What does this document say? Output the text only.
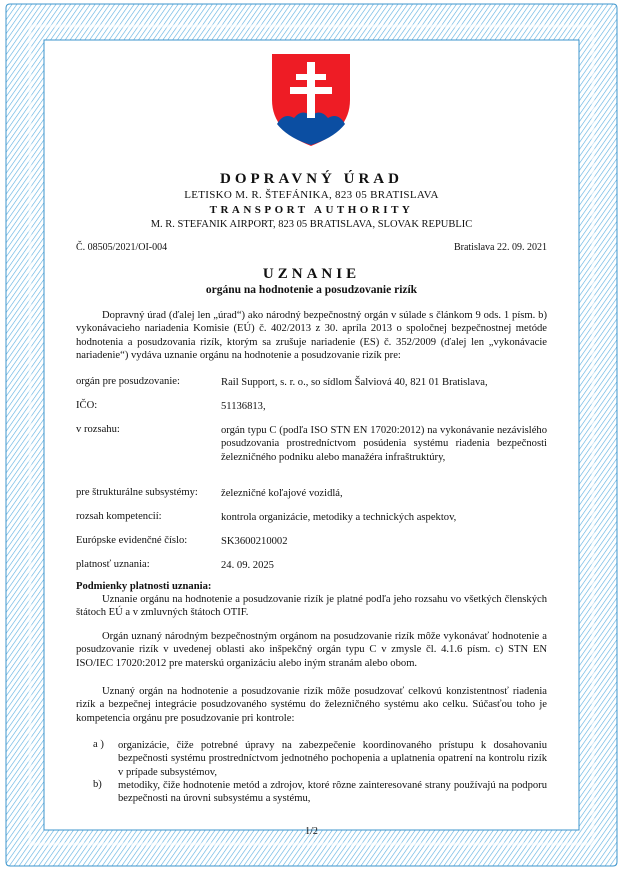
DOPRAVNÝ ÚRAD
LETISKO M. R. ŠTEFÁNIKA, 823 05 BRATISLAVA
TRANSPORT AUTHORITY
M. R. STEFANIK AIRPORT, 823 05 BRATISLAVA, SLOVAK REPUBLIC
Č. 08505/2021/OI-004	Bratislava 22. 09. 2021
UZNANIE
orgánu na hodnotenie a posudzovanie rizík
Dopravný úrad (ďalej len „úrad“) ako národný bezpečnostný orgán v súlade s článkom 9 ods. 1 písm. b) vykonávacieho nariadenia Komisie (EÚ) č. 402/2013 z 30. apríla 2013 o spoločnej bezpečnostnej metóde hodnotenia a posudzovania rizík, ktorým sa zrušuje nariadenie (ES) č. 352/2009 (ďalej len „vykonávacie nariadenie“) vydáva uznanie orgánu na hodnotenie a posudzovanie rizík pre:
orgán pre posudzovanie:	Rail Support, s. r. o., so sídlom Šalviová 40, 821 01 Bratislava,
IČO:	51136813,
v rozsahu:	orgán typu C (podľa ISO STN EN 17020:2012) na vykonávanie nezávislého posudzovania prostredníctvom posúdenia systému riadenia bezpečnosti železničného podniku alebo manažéra infraštruktúry,
pre štrukturálne subsystémy: železničné koľajové vozidlá,
rozsah kompetencií:	kontrola organizácie, metodiky a technických aspektov,
Európske evidenčné číslo:	SK3600210002
platnosť uznania:	24. 09. 2025
Podmienky platnosti uznania:
Uznanie orgánu na hodnotenie a posudzovanie rizík je platné podľa jeho rozsahu vo všetkých členských štátoch EÚ a v zmluvných štátoch OTIF.
Orgán uznaný národným bezpečnostným orgánom na posudzovanie rizík môže vykonávať hodnotenie a posudzovanie rizík v uvedenej oblasti ako inšpekčný orgán typu C v zmysle čl. 4.1.6 písm. c) STN EN ISO/IEC 17020:2012 pre materskú organizáciu alebo iným stranám alebo obom.
Uznaný orgán na hodnotenie a posudzovanie rizík môže posudzovať celkovú konzistentnosť riadenia rizík a bezpečnej integrácie posudzovaného systému do železničného systému ako celku. Súčasťou toho je kompetencia orgánu pre posudzovanie pri kontrole:
a ) organizácie, čiže potrebné úpravy na zabezpečenie koordinovaného prístupu k dosahovaniu bezpečnosti systému prostredníctvom jednotného pochopenia a uplatnenia opatrení na kontrolu rizík v prípade subsystémov,
b) metodiky, čiže hodnotenie metód a zdrojov, ktoré rôzne zainteresované strany používajú na podporu bezpečnosti na úrovni subsystému a systému,
1/2
